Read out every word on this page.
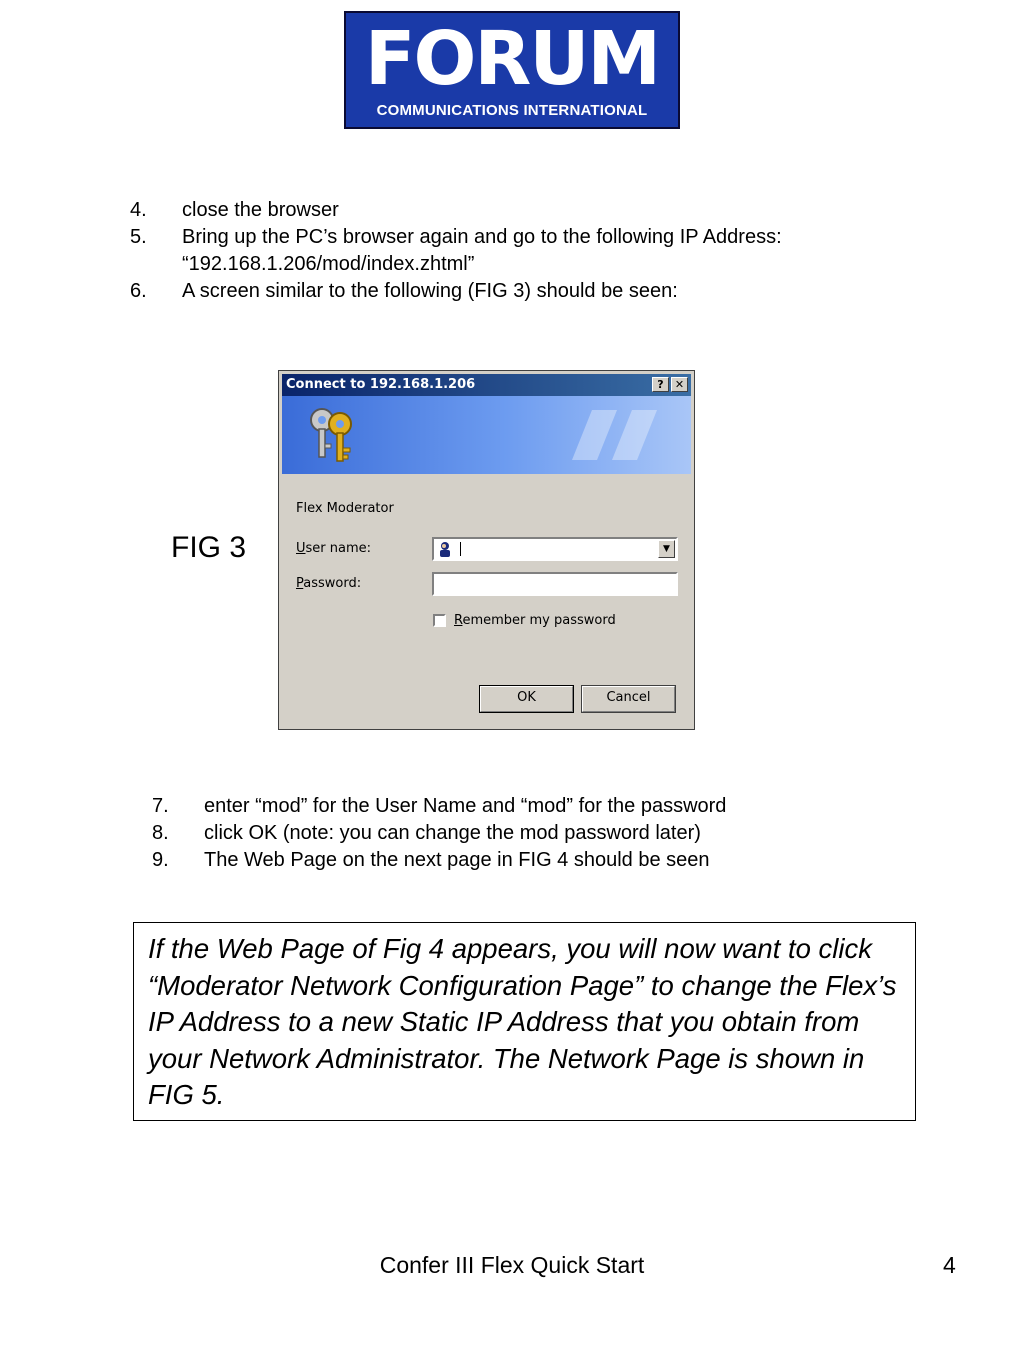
FORUM
COMMUNICATIONS INTERNATIONAL
4. close the browser
5. Bring up the PC’s browser again and go to the following IP Address: “192.168.1.206/mod/index.zhtml”
6. A screen similar to the following (FIG 3) should be seen:
FIG 3
Connect to 192.168.1.206	?	✕
Flex Moderator
User name:	▼
Password:
Remember my password
OK	Cancel
7. enter “mod” for the User Name and “mod” for the password
8. click OK (note: you can change the mod password later)
9. The Web Page on the next page in FIG 4 should be seen
If the Web Page of Fig 4 appears, you will now want to click “Moderator Network Configuration Page” to change the Flex’s IP Address to a new Static IP Address that you obtain from your Network Administrator. The Network Page is shown in FIG 5.
Confer III Flex Quick Start	4
